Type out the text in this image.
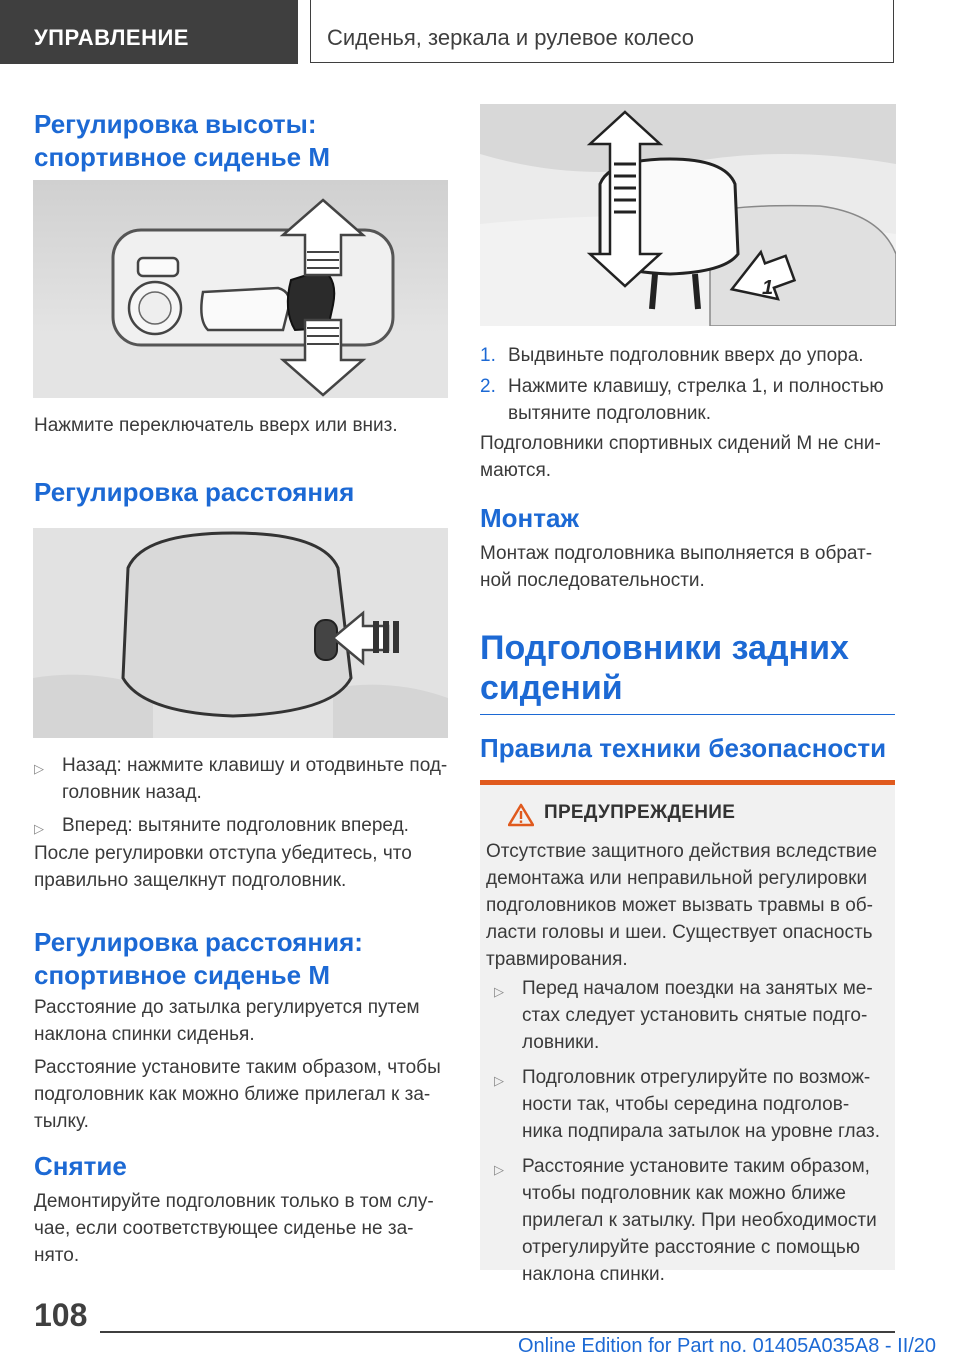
УПРАВЛЕНИЕ	Сиденья, зеркала и рулевое колесо
Регулировка высоты:
спортивное сиденье M

Нажмите переключатель вверх или вниз.

Регулировка расстояния
▷ Назад: нажмите клавишу и отодвиньте под-
головник назад.
▷ Вперед: вытяните подголовник вперед.

После регулировки отступа убедитесь, что

правильно защелкнут подголовник.

Регулировка расстояния:
спортивное сиденье M

Расстояние до затылка регулируется путем

наклона спинки сиденья.

Расстояние установите таким образом, чтобы

подголовник как можно ближе прилегал к за-

тылку.

Снятие

Демонтируйте подголовник только в том слу-

чае, если соответствующее сиденье не за-

нято.

1
1. Выдвиньте подголовник вверх до упора.
2. Нажмите клавишу, стрелка 1, и полностью
вытяните подголовник.

Подголовники спортивных сидений M не сни-

маются.

Монтаж

Монтаж подголовника выполняется в обрат-

ной последовательности.

Подголовники задних
сидений
Правила техники безопасности
ПРЕДУПРЕЖДЕНИЕ

Отсутствие защитного действия вследствие

демонтажа или неправильной регулировки

подголовников может вызвать травмы в об-

ласти головы и шеи. Существует опасность

травмирования.

▷ Перед началом поездки на занятых ме-
стах следует установить снятые подго-
ловники.
▷ Подголовник отрегулируйте по возмож-
ности так, чтобы середина подголов-
ника подпирала затылок на уровне глаз.
▷ Расстояние установите таким образом,
чтобы подголовник как можно ближе
прилегал к затылку. При необходимости
отрегулируйте расстояние с помощью
наклона спинки.
108
Online Edition for Part no. 01405A035A8 - II/20
